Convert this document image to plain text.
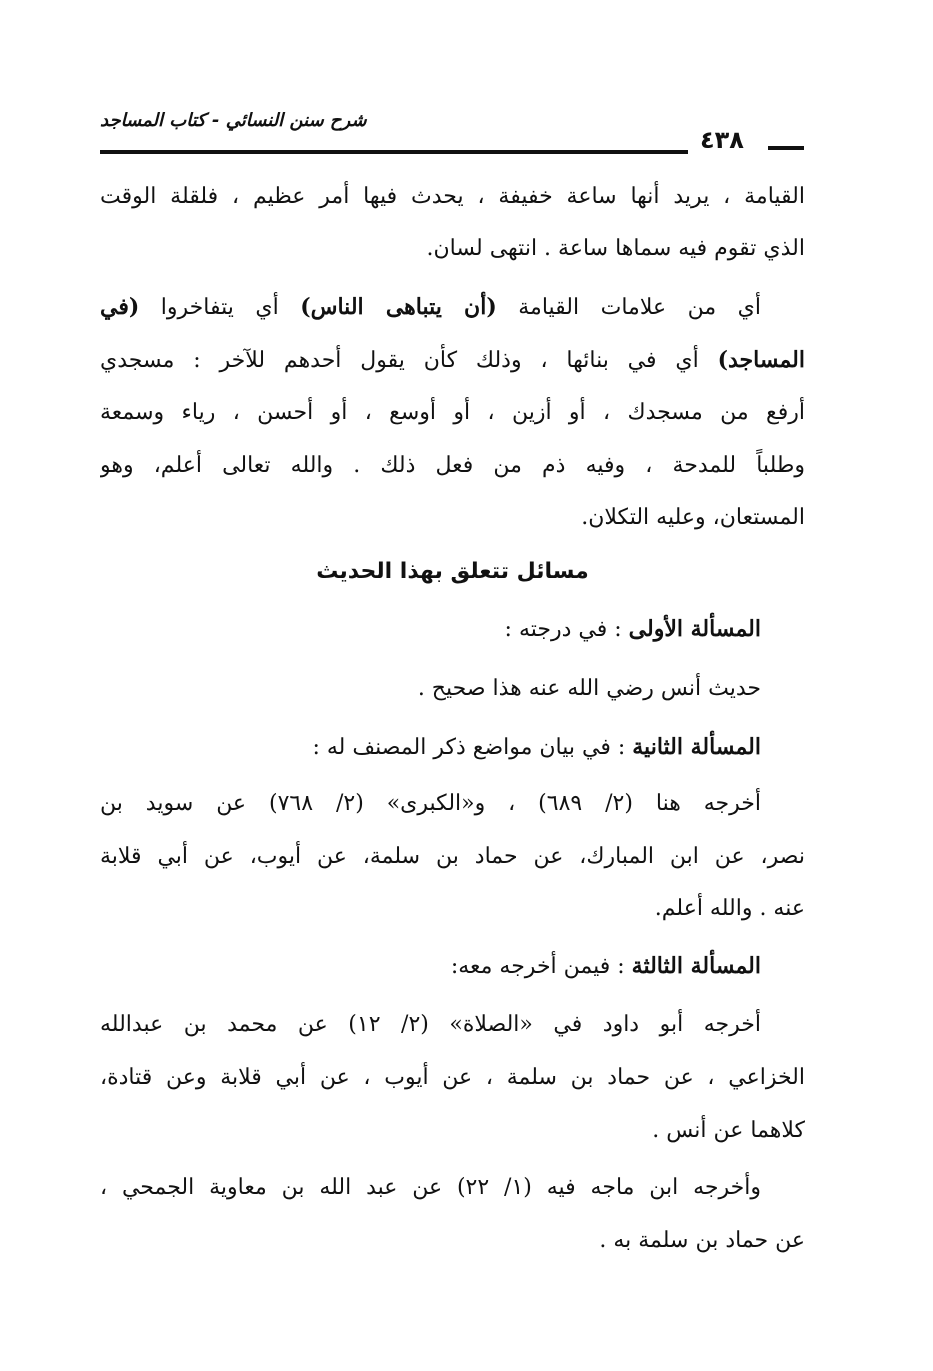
شرح سنن النسائي - كتاب المساجد
٤٣٨
القيامة ، يريد أنها ساعة خفيفة ، يحدث فيها أمر عظيم ، فلقلة الوقت
الذي تقوم فيه سماها ساعة . انتهى لسان.
أي من علامات القيامة (أن يتباهى الناس) أي يتفاخروا (في
المساجد) أي في بنائها ، وذلك كأن يقول أحدهم للآخر : مسجدي
أرفع من مسجدك ، أو أزين ، أو أوسع ، أو أحسن ، رياء وسمعة
وطلباً للمدحة ، وفيه ذم من فعل ذلك . والله تعالى أعلم، وهو
المستعان، وعليه التكلان.
مسائل تتعلق بهذا الحديث
المسألة الأولى : في درجته :
حديث أنس رضي الله عنه هذا صحيح .
المسألة الثانية : في بيان مواضع ذكر المصنف له :
أخرجه هنا (٢/ ٦٨٩) ، و«الكبرى» (٢/ ٧٦٨) عن سويد بن
نصر، عن ابن المبارك، عن حماد بن سلمة، عن أيوب، عن أبي قلابة
عنه . والله أعلم.
المسألة الثالثة : فيمن أخرجه معه:
أخرجه أبو داود في «الصلاة» (٢/ ١٢) عن محمد بن عبدالله
الخزاعي ، عن حماد بن سلمة ، عن أيوب ، عن أبي قلابة وعن قتادة،
كلاهما عن أنس .
وأخرجه ابن ماجه فيه (١/ ٢٢) عن عبد الله بن معاوية الجمحي ،
عن حماد بن سلمة به .
